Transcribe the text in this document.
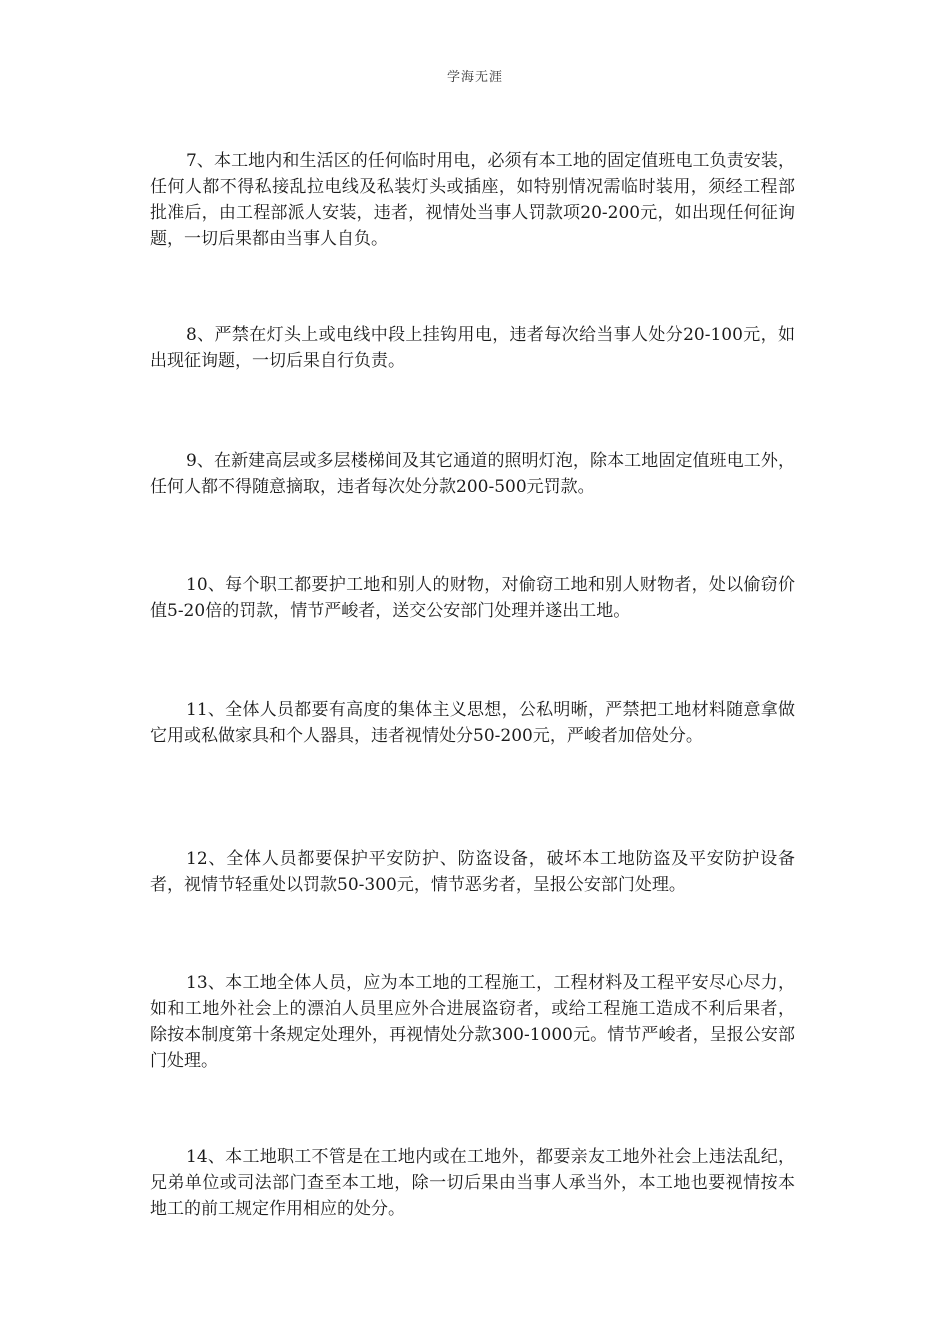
学海无涯

7、本工地内和生活区的任何临时用电，必须有本工地的固定值班电工负责安装，任何人都不得私接乱拉电线及私装灯头或插座，如特别情况需临时装用，须经工程部批准后，由工程部派人安装，违者，视情处当事人罚款项20-200元，如出现任何征询题，一切后果都由当事人自负。

8、严禁在灯头上或电线中段上挂钩用电，违者每次给当事人处分20-100元，如出现征询题，一切后果自行负责。

9、在新建高层或多层楼梯间及其它通道的照明灯泡，除本工地固定值班电工外，任何人都不得随意摘取，违者每次处分款200-500元罚款。

10、每个职工都要护工地和别人的财物，对偷窃工地和别人财物者，处以偷窃价值5-20倍的罚款，情节严峻者，送交公安部门处理并遂出工地。

11、全体人员都要有高度的集体主义思想，公私明晰，严禁把工地材料随意拿做它用或私做家具和个人器具，违者视情处分50-200元，严峻者加倍处分。

12、全体人员都要保护平安防护、防盗设备，破坏本工地防盗及平安防护设备者，视情节轻重处以罚款50-300元，情节恶劣者，呈报公安部门处理。

13、本工地全体人员，应为本工地的工程施工，工程材料及工程平安尽心尽力，如和工地外社会上的漂泊人员里应外合进展盗窃者，或给工程施工造成不利后果者，除按本制度第十条规定处理外，再视情处分款300-1000元。情节严峻者，呈报公安部门处理。

14、本工地职工不管是在工地内或在工地外，都要亲友工地外社会上违法乱纪，兄弟单位或司法部门查至本工地，除一切后果由当事人承当外，本工地也要视情按本地工的前工规定作用相应的处分。
